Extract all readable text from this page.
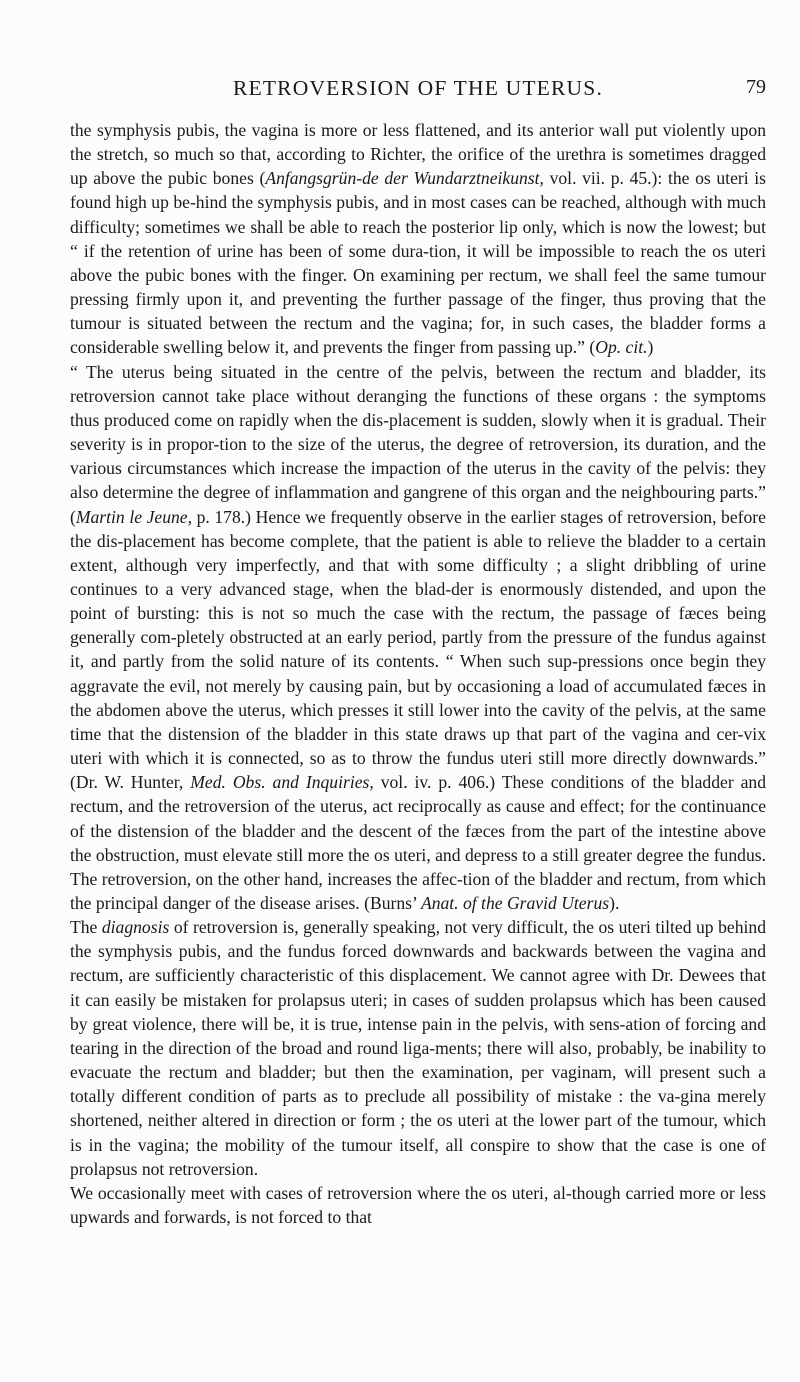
RETROVERSION OF THE UTERUS.	79

the symphysis pubis, the vagina is more or less flattened, and its anterior wall put violently upon the stretch, so much so that, according to Richter, the orifice of the urethra is sometimes dragged up above the pubic bones (Anfangsgrün-de der Wundarztneikunst, vol. vii. p. 45.): the os uteri is found high up be-hind the symphysis pubis, and in most cases can be reached, although with much difficulty; sometimes we shall be able to reach the posterior lip only, which is now the lowest; but “ if the retention of urine has been of some dura-tion, it will be impossible to reach the os uteri above the pubic bones with the finger. On examining per rectum, we shall feel the same tumour pressing firmly upon it, and preventing the further passage of the finger, thus proving that the tumour is situated between the rectum and the vagina; for, in such cases, the bladder forms a considerable swelling below it, and prevents the finger from passing up.” (Op. cit.)

“ The uterus being situated in the centre of the pelvis, between the rectum and bladder, its retroversion cannot take place without deranging the functions of these organs : the symptoms thus produced come on rapidly when the dis-placement is sudden, slowly when it is gradual. Their severity is in propor-tion to the size of the uterus, the degree of retroversion, its duration, and the various circumstances which increase the impaction of the uterus in the cavity of the pelvis: they also determine the degree of inflammation and gangrene of this organ and the neighbouring parts.” (Martin le Jeune, p. 178.) Hence we frequently observe in the earlier stages of retroversion, before the dis-placement has become complete, that the patient is able to relieve the bladder to a certain extent, although very imperfectly, and that with some difficulty ; a slight dribbling of urine continues to a very advanced stage, when the blad-der is enormously distended, and upon the point of bursting: this is not so much the case with the rectum, the passage of fæces being generally com-pletely obstructed at an early period, partly from the pressure of the fundus against it, and partly from the solid nature of its contents. “ When such sup-pressions once begin they aggravate the evil, not merely by causing pain, but by occasioning a load of accumulated fæces in the abdomen above the uterus, which presses it still lower into the cavity of the pelvis, at the same time that the distension of the bladder in this state draws up that part of the vagina and cer-vix uteri with which it is connected, so as to throw the fundus uteri still more directly downwards.” (Dr. W. Hunter, Med. Obs. and Inquiries, vol. iv. p. 406.) These conditions of the bladder and rectum, and the retroversion of the uterus, act reciprocally as cause and effect; for the continuance of the distension of the bladder and the descent of the fæces from the part of the intestine above the obstruction, must elevate still more the os uteri, and depress to a still greater degree the fundus. The retroversion, on the other hand, increases the affec-tion of the bladder and rectum, from which the principal danger of the disease arises. (Burns’ Anat. of the Gravid Uterus).

The diagnosis of retroversion is, generally speaking, not very difficult, the os uteri tilted up behind the symphysis pubis, and the fundus forced downwards and backwards between the vagina and rectum, are sufficiently characteristic of this displacement. We cannot agree with Dr. Dewees that it can easily be mistaken for prolapsus uteri; in cases of sudden prolapsus which has been caused by great violence, there will be, it is true, intense pain in the pelvis, with sens-ation of forcing and tearing in the direction of the broad and round liga-ments; there will also, probably, be inability to evacuate the rectum and bladder; but then the examination, per vaginam, will present such a totally different condition of parts as to preclude all possibility of mistake : the va-gina merely shortened, neither altered in direction or form ; the os uteri at the lower part of the tumour, which is in the vagina; the mobility of the tumour itself, all conspire to show that the case is one of prolapsus not retroversion.

We occasionally meet with cases of retroversion where the os uteri, al-though carried more or less upwards and forwards, is not forced to that
